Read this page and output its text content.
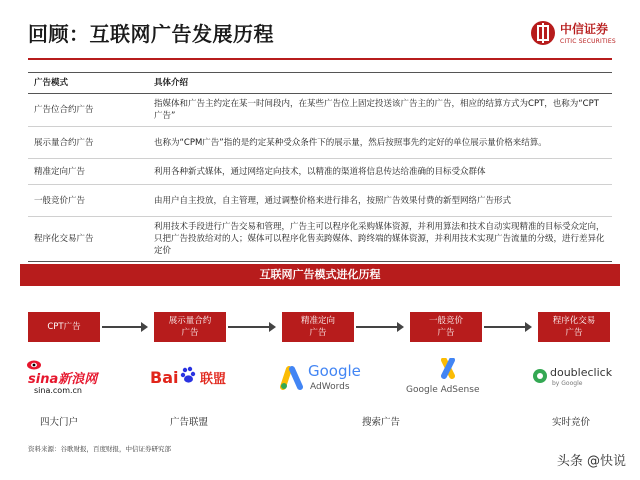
回顾：互联网广告发展历程	中信证券
CITIC SECURITIES
广告模式	具体介绍
广告位合约广告	指媒体和广告主约定在某一时间段内，在某些广告位上固定投送该广告主的广告，相应的结算方式为CPT，也称为“CPT广告”
展示量合约广告	也称为“CPM广告”指的是约定某种受众条件下的展示量，然后按照事先约定好的单位展示量价格来结算。
精准定向广告	利用各种新式媒体，通过网络定向技术，以精准的渠道将信息传达给准确的目标受众群体
一般竞价广告	由用户自主投放，自主管理，通过调整价格来进行排名，按照广告效果付费的新型网络广告形式
程序化交易广告	利用技术手段进行广告交易和管理，广告主可以程序化采购媒体资源，并利用算法和技术自动实现精准的目标受众定向，只把广告投放给对的人；媒体可以程序化售卖跨媒体、跨终端的媒体资源，并利用技术实现广告流量的分级，进行差异化定价
互联网广告模式进化历程
CPT广告
展示量合约
广告
精准定向
广告
一般竞价
广告
程序化交易
广告
sina新浪网
sina.com.cn
Bai 联盟	Google
AdWords	Google AdSense
doubleclick
by Google
四大门户	广告联盟	搜索广告	实时竞价
资料来源：谷歌财报，百度财报，中信证券研究部
头条 @快说
